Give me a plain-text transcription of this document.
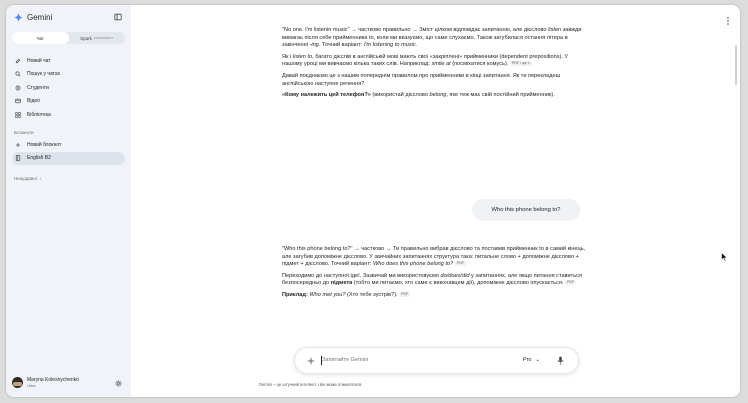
Gemini
Чат	Spark EXPERIMENT
Новий чат
Пошук у чатах
Студенти
Відео
Бібліотека
Блокноти
Новий блокнот
English B2
Нещодавні ›
Maryna Kolesnychenko
Ultra

"No one. I'm listenin music" → частково правильно → Зміст цілком відповідає запитанню, але дієслово listen завжди вимагає після себе прийменника to, коли ми вказуємо, що саме слухаємо. Також загубилася остання літера в закінченні -ing. Точний варіант: I'm listening to music.

Як і listen to, багато дієслів в англійській мові мають свої «закріплені» прийменники (dependent prepositions). У нашому уроці ми вивчаємо кілька таких слів. Наприклад: smile at (посміхатися комусь). PDF і ще 1

Давай поєднаємо це з нашим попереднім правилом про прийменники в кінці запитання. Як ти перекладеш англійською наступне речення?

«Кому належить цей телефон?» (використай дієслово belong, яке теж має свій постійний прийменник).

Who this phone belong to?

"Who this phone belong to?" → частково → Ти правильно вибрав дієслово та поставив прийменник to в самий кінець, але загубив допоміжне дієслово. У звичайних запитаннях структура така: питальне слово + допоміжне дієслово + підмет + дієслово. Точний варіант: Who does this phone belong to? PDF

Переходимо до наступної ідеї. Зазвичай ми використовуємо do/does/did у запитаннях, але якщо питання ставиться безпосередньо до підмета (тобто ми питаємо, хто саме є виконавцем дії), допоміжне дієслово опускається. PDF

Приклад: Who met you? (Хто тебе зустрів?). PDF

Запитайте Gemini	Pro ⌄
Gemini – це штучний інтелект, і він може помилятися.
